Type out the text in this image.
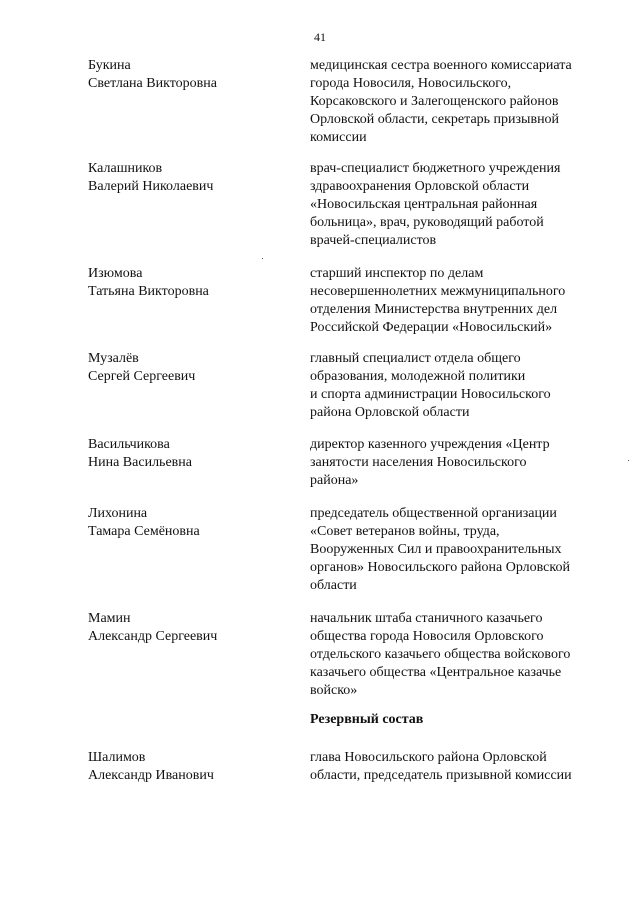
41
Букина
Светлана Викторовна
медицинская сестра военного комиссариата
города Новосиля, Новосильского,
Корсаковского и Залегощенского районов
Орловской области, секретарь призывной
комиссии
Калашников
Валерий Николаевич
врач-специалист бюджетного учреждения
здравоохранения Орловской области
«Новосильская центральная районная
больница», врач, руководящий работой
врачей-специалистов
Изюмова
Татьяна Викторовна
старший инспектор по делам
несовершеннолетних межмуниципального
отделения Министерства внутренних дел
Российской Федерации «Новосильский»
Музалёв
Сергей Сергеевич
главный специалист отдела общего
образования, молодежной политики
и спорта администрации Новосильского
района Орловской области
Васильчикова
Нина Васильевна
директор казенного учреждения «Центр
занятости населения Новосильского
района»
Лихонина
Тамара Семёновна
председатель общественной организации
«Совет ветеранов войны, труда,
Вооруженных Сил и правоохранительных
органов» Новосильского района Орловской
области
Мамин
Александр Сергеевич
начальник штаба станичного казачьего
общества города Новосиля Орловского
отдельского казачьего общества войскового
казачьего общества «Центральное казачье
войско»
Резервный состав
Шалимов
Александр Иванович
глава Новосильского района Орловской
области, председатель призывной комиссии
